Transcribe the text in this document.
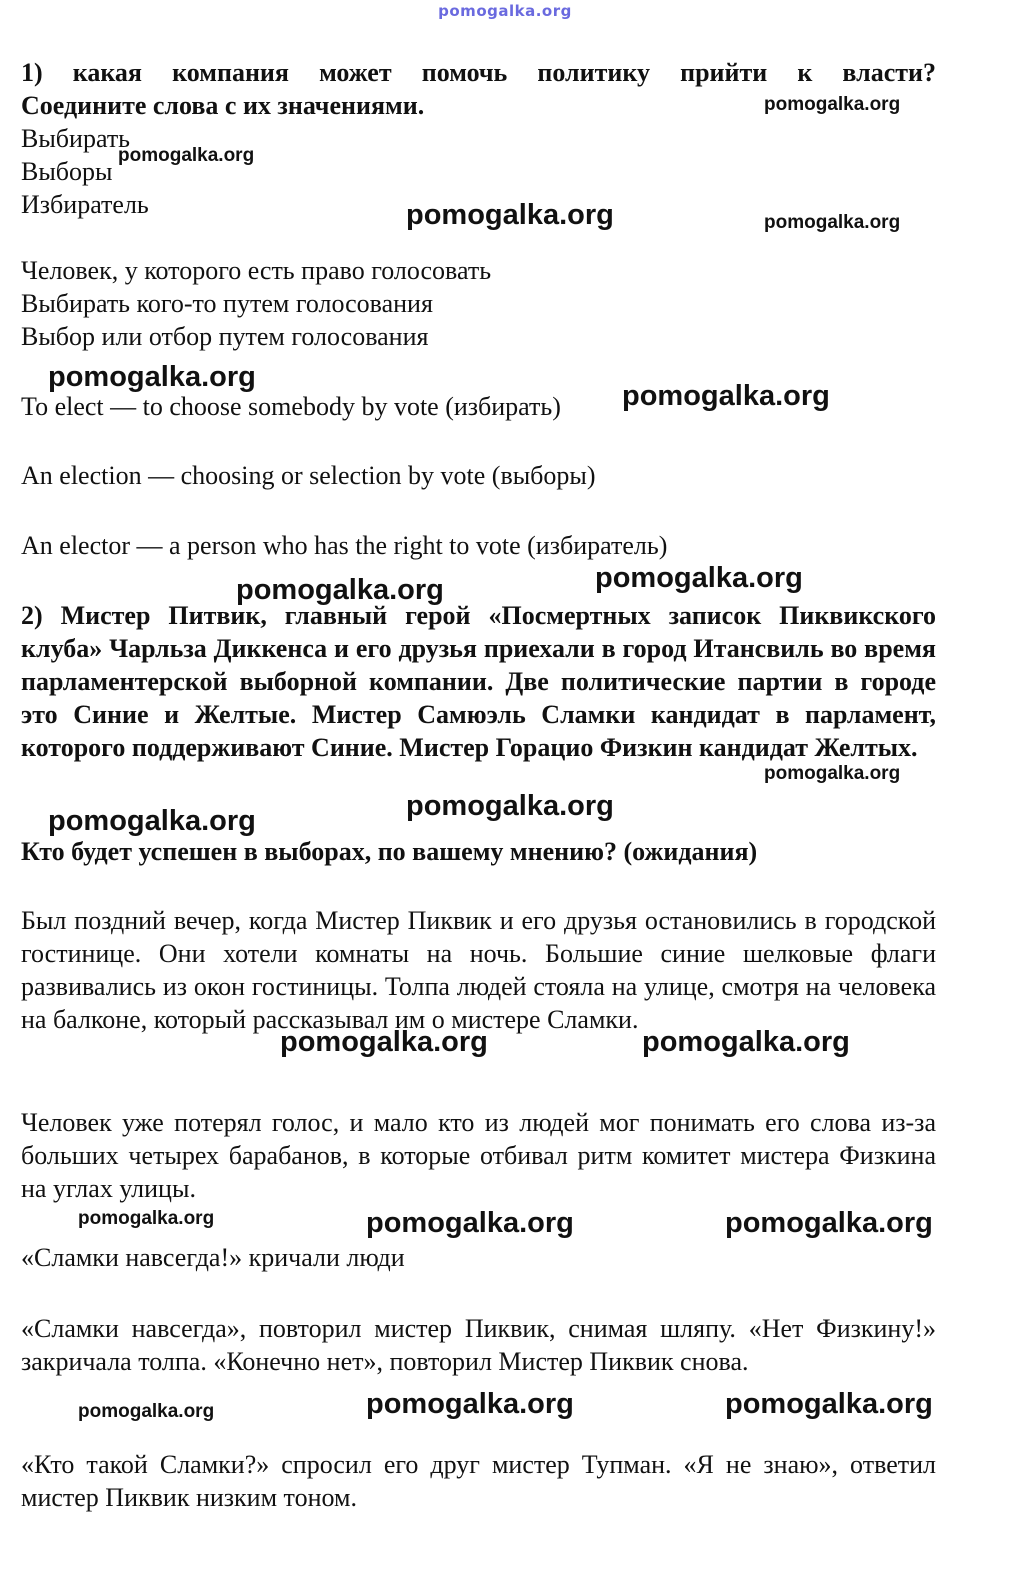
pomogalka.org

1) какая компания может помочь политику прийти к власти?

Соедините слова с их значениями.

Выбирать

Выборы

Избиратель

Человек, у которого есть право голосовать

Выбирать кого-то путем голосования

Выбор или отбор путем голосования

To elect — to choose somebody by vote (избирать)

An election — choosing or selection by vote (выборы)

An elector — a person who has the right to vote (избиратель)

2) Мистер Питвик, главный герой «Посмертных записок Пиквикского клуба» Чарльза Диккенса и его друзья приехали в город Итансвиль во время парламентерской выборной компании. Две политические партии в городе это Синие и Желтые. Мистер Самюэль Сламки кандидат в парламент, которого поддерживают Синие. Мистер Горацио Физкин кандидат Желтых.

Кто будет успешен в выборах, по вашему мнению? (ожидания)

Был поздний вечер, когда Мистер Пиквик и его друзья остановились в городской гостинице. Они хотели комнаты на ночь. Большие синие шелковые флаги развивались из окон гостиницы. Толпа людей стояла на улице, смотря на человека на балконе, который рассказывал им о мистере Сламки.

Человек уже потерял голос, и мало кто из людей мог понимать его слова из-за больших четырех барабанов, в которые отбивал ритм комитет мистера Физкина на углах улицы.

«Сламки навсегда!» кричали люди

«Сламки навсегда», повторил мистер Пиквик, снимая шляпу. «Нет Физкину!» закричала толпа. «Конечно нет», повторил Мистер Пиквик снова.

«Кто такой Сламки?» спросил его друг мистер Тупман. «Я не знаю», ответил мистер Пиквик низким тоном.

pomogalka.org
pomogalka.org
pomogalka.org	pomogalka.org
pomogalka.org
pomogalka.org
pomogalka.org
pomogalka.org
pomogalka.org
pomogalka.org
pomogalka.org
pomogalka.org	pomogalka.org
pomogalka.org	pomogalka.org	pomogalka.org
pomogalka.org	pomogalka.org	pomogalka.org
